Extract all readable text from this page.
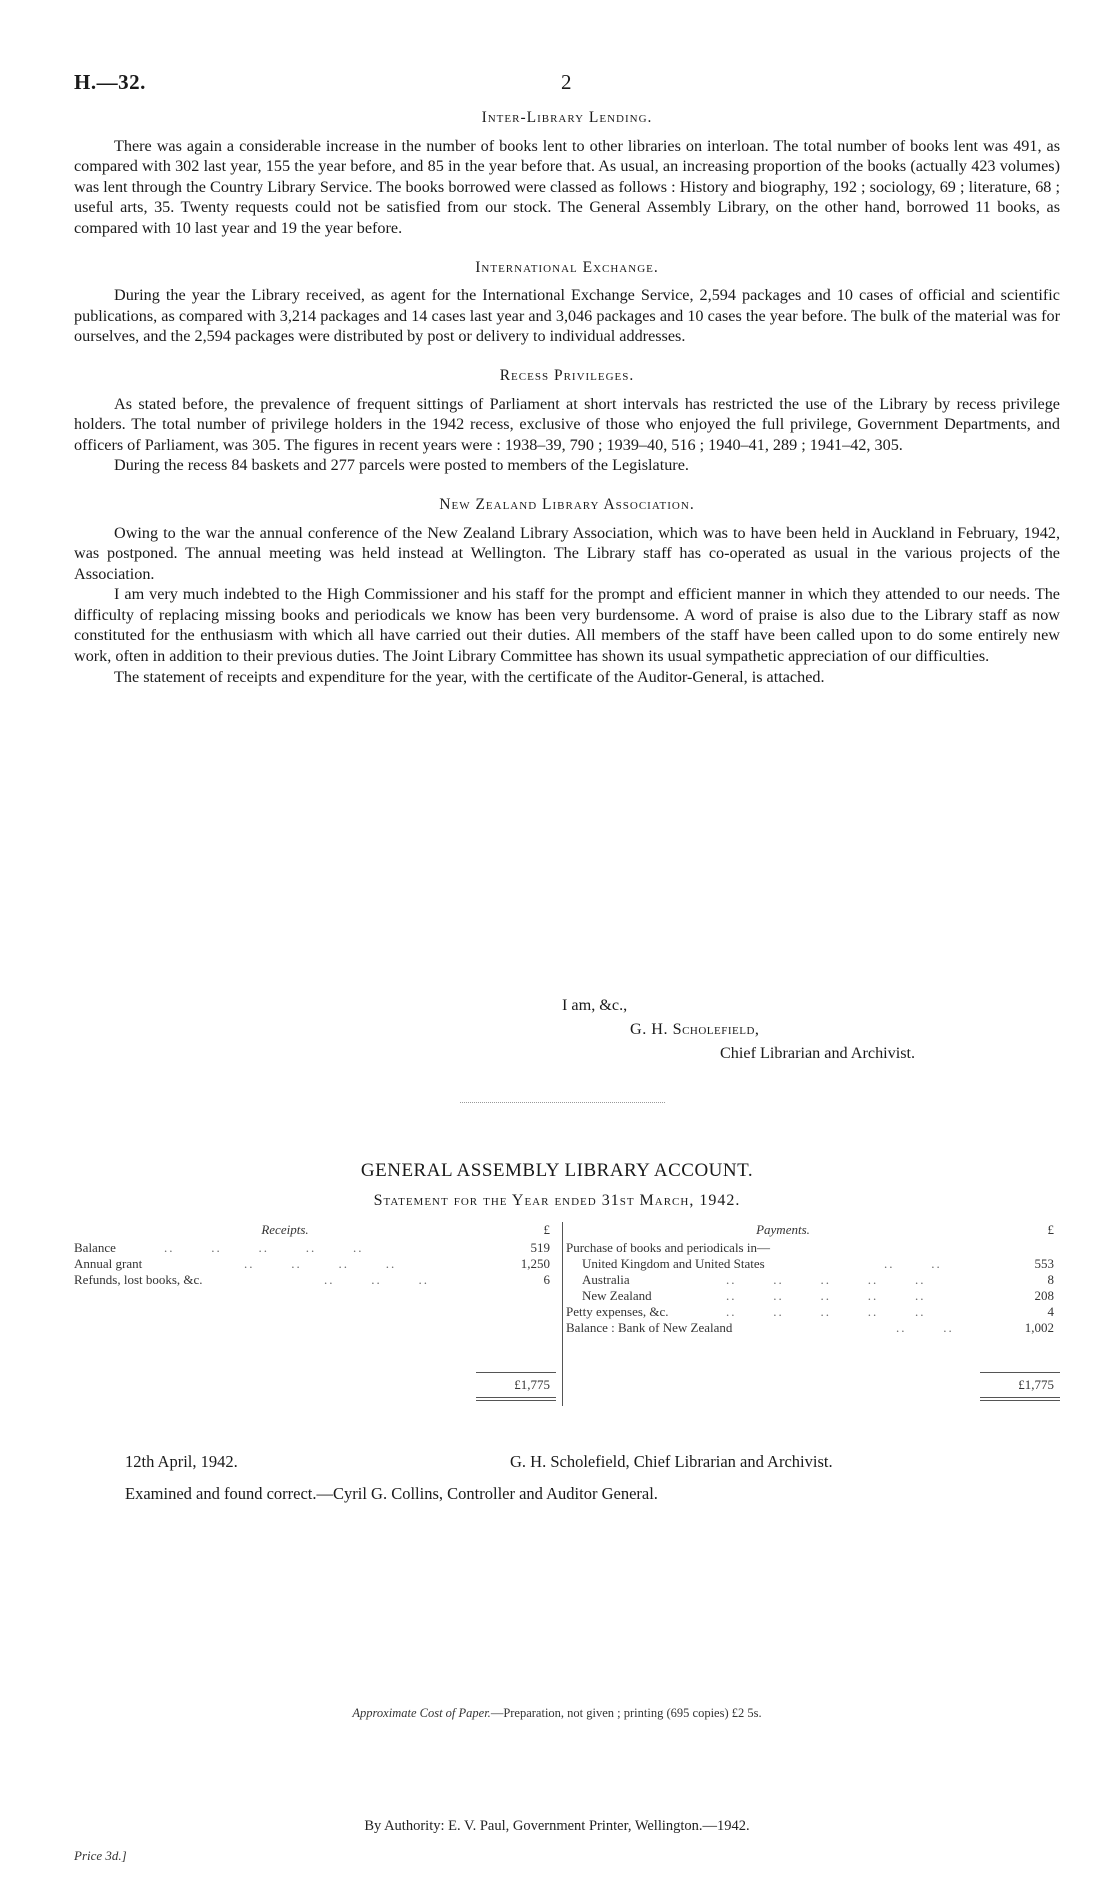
H.—32.	2
Inter-Library Lending.

There was again a considerable increase in the number of books lent to other libraries on interloan. The total number of books lent was 491, as compared with 302 last year, 155 the year before, and 85 in the year before that. As usual, an increasing proportion of the books (actually 423 volumes) was lent through the Country Library Service. The books borrowed were classed as follows : History and biography, 192 ; sociology, 69 ; literature, 68 ; useful arts, 35. Twenty requests could not be satisfied from our stock. The General Assembly Library, on the other hand, borrowed 11 books, as compared with 10 last year and 19 the year before.

International Exchange.

During the year the Library received, as agent for the International Exchange Service, 2,594 packages and 10 cases of official and scientific publications, as compared with 3,214 packages and 14 cases last year and 3,046 packages and 10 cases the year before. The bulk of the material was for ourselves, and the 2,594 packages were distributed by post or delivery to individual addresses.

Recess Privileges.

As stated before, the prevalence of frequent sittings of Parliament at short intervals has restricted the use of the Library by recess privilege holders. The total number of privilege holders in the 1942 recess, exclusive of those who enjoyed the full privilege, Government Departments, and officers of Parliament, was 305. The figures in recent years were : 1938–39, 790 ; 1939–40, 516 ; 1940–41, 289 ; 1941–42, 305.

During the recess 84 baskets and 277 parcels were posted to members of the Legislature.

New Zealand Library Association.

Owing to the war the annual conference of the New Zealand Library Association, which was to have been held in Auckland in February, 1942, was postponed. The annual meeting was held instead at Wellington. The Library staff has co-operated as usual in the various projects of the Association.

I am very much indebted to the High Commissioner and his staff for the prompt and efficient manner in which they attended to our needs. The difficulty of replacing missing books and periodicals we know has been very burdensome. A word of praise is also due to the Library staff as now constituted for the enthusiasm with which all have carried out their duties. All members of the staff have been called upon to do some entirely new work, often in addition to their previous duties. The Joint Library Committee has shown its usual sympathetic appreciation of our difficulties.

The statement of receipts and expenditure for the year, with the certificate of the Auditor-General, is attached.

I am, &c.,
G. H. Scholefield,
Chief Librarian and Archivist.
GENERAL ASSEMBLY LIBRARY ACCOUNT.
Statement for the Year ended 31st March, 1942.
Receipts.	£
Balance	..       ..       ..       ..       ..	519
Annual grant	..       ..       ..       ..	1,250
Refunds, lost books, &c.	..       ..       ..	6
£1,775
Payments.	£
Purchase of books and periodicals in—
United Kingdom and United States	..       ..	553
Australia	..       ..       ..       ..       ..	8
New Zealand	..       ..       ..       ..       ..	208
Petty expenses, &c.	..       ..       ..       ..       ..	4
Balance : Bank of New Zealand	..       ..	1,002
£1,775
12th April, 1942.	G. H. Scholefield, Chief Librarian and Archivist.
Examined and found correct.—Cyril G. Collins, Controller and Auditor General.
Approximate Cost of Paper.—Preparation, not given ; printing (695 copies) £2 5s.
By Authority: E. V. Paul, Government Printer, Wellington.—1942.
Price 3d.]
